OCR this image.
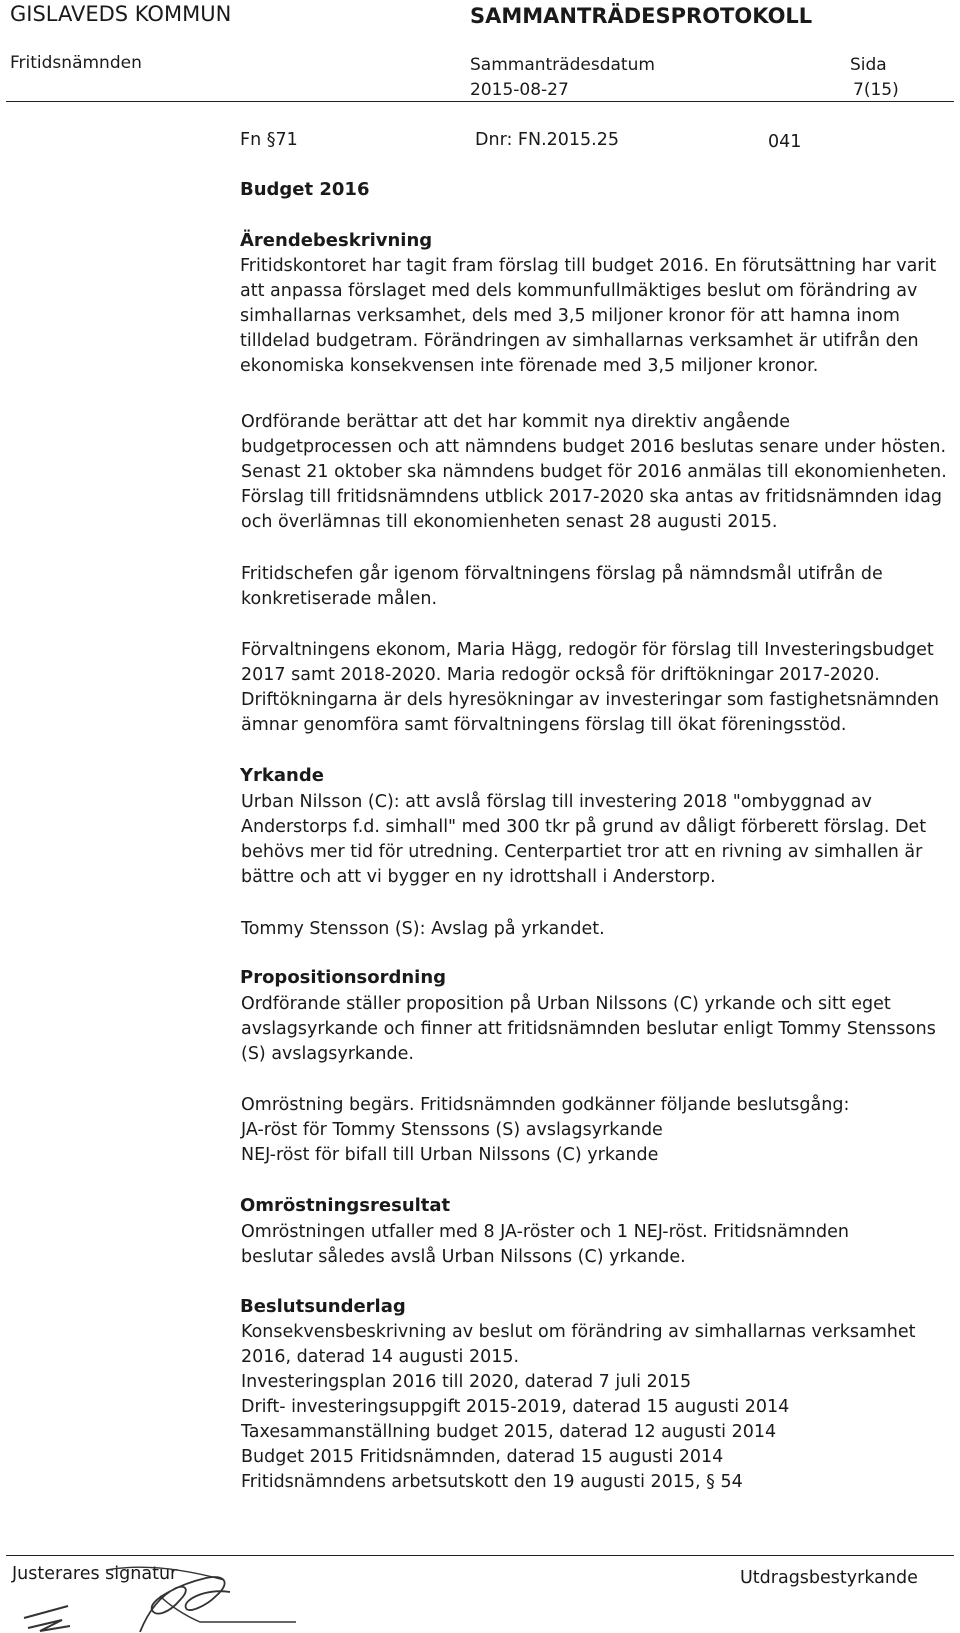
GISLAVEDS KOMMUN	SAMMANTRÄDESPROTOKOLL
Fritidsnämnden	Sammanträdesdatum
2015-08-27
Sida
7(15)
Fn §71	Dnr: FN.2015.25	041
Budget 2016
Ärendebeskrivning
Fritidskontoret har tagit fram förslag till budget 2016. En förutsättning har varit
att anpassa förslaget med dels kommunfullmäktiges beslut om förändring av
simhallarnas verksamhet, dels med 3,5 miljoner kronor för att hamna inom
tilldelad budgetram. Förändringen av simhallarnas verksamhet är utifrån den
ekonomiska konsekvensen inte förenade med 3,5 miljoner kronor.
Ordförande berättar att det har kommit nya direktiv angående
budgetprocessen och att nämndens budget 2016 beslutas senare under hösten.
Senast 21 oktober ska nämndens budget för 2016 anmälas till ekonomienheten.
Förslag till fritidsnämndens utblick 2017-2020 ska antas av fritidsnämnden idag
och överlämnas till ekonomienheten senast 28 augusti 2015.
Fritidschefen går igenom förvaltningens förslag på nämndsmål utifrån de
konkretiserade målen.
Förvaltningens ekonom, Maria Hägg, redogör för förslag till Investeringsbudget
2017 samt 2018-2020. Maria redogör också för driftökningar 2017-2020.
Driftökningarna är dels hyresökningar av investeringar som fastighetsnämnden
ämnar genomföra samt förvaltningens förslag till ökat föreningsstöd.
Yrkande
Urban Nilsson (C): att avslå förslag till investering 2018 "ombyggnad av
Anderstorps f.d. simhall" med 300 tkr på grund av dåligt förberett förslag. Det
behövs mer tid för utredning. Centerpartiet tror att en rivning av simhallen är
bättre och att vi bygger en ny idrottshall i Anderstorp.
Tommy Stensson (S): Avslag på yrkandet.
Propositionsordning
Ordförande ställer proposition på Urban Nilssons (C) yrkande och sitt eget
avslagsyrkande och finner att fritidsnämnden beslutar enligt Tommy Stenssons
(S) avslagsyrkande.
Omröstning begärs. Fritidsnämnden godkänner följande beslutsgång:
JA-röst för Tommy Stenssons (S) avslagsyrkande
NEJ-röst för bifall till Urban Nilssons (C) yrkande
Omröstningsresultat
Omröstningen utfaller med 8 JA-röster och 1 NEJ-röst. Fritidsnämnden
beslutar således avslå Urban Nilssons (C) yrkande.
Beslutsunderlag
Konsekvensbeskrivning av beslut om förändring av simhallarnas verksamhet
2016, daterad 14 augusti 2015.
Investeringsplan 2016 till 2020, daterad 7 juli 2015
Drift- investeringsuppgift 2015-2019, daterad 15 augusti 2014
Taxesammanställning budget 2015, daterad 12 augusti 2014
Budget 2015 Fritidsnämnden, daterad 15 augusti 2014
Fritidsnämndens arbetsutskott den 19 augusti 2015, § 54
Justerares signatur	Utdragsbestyrkande
